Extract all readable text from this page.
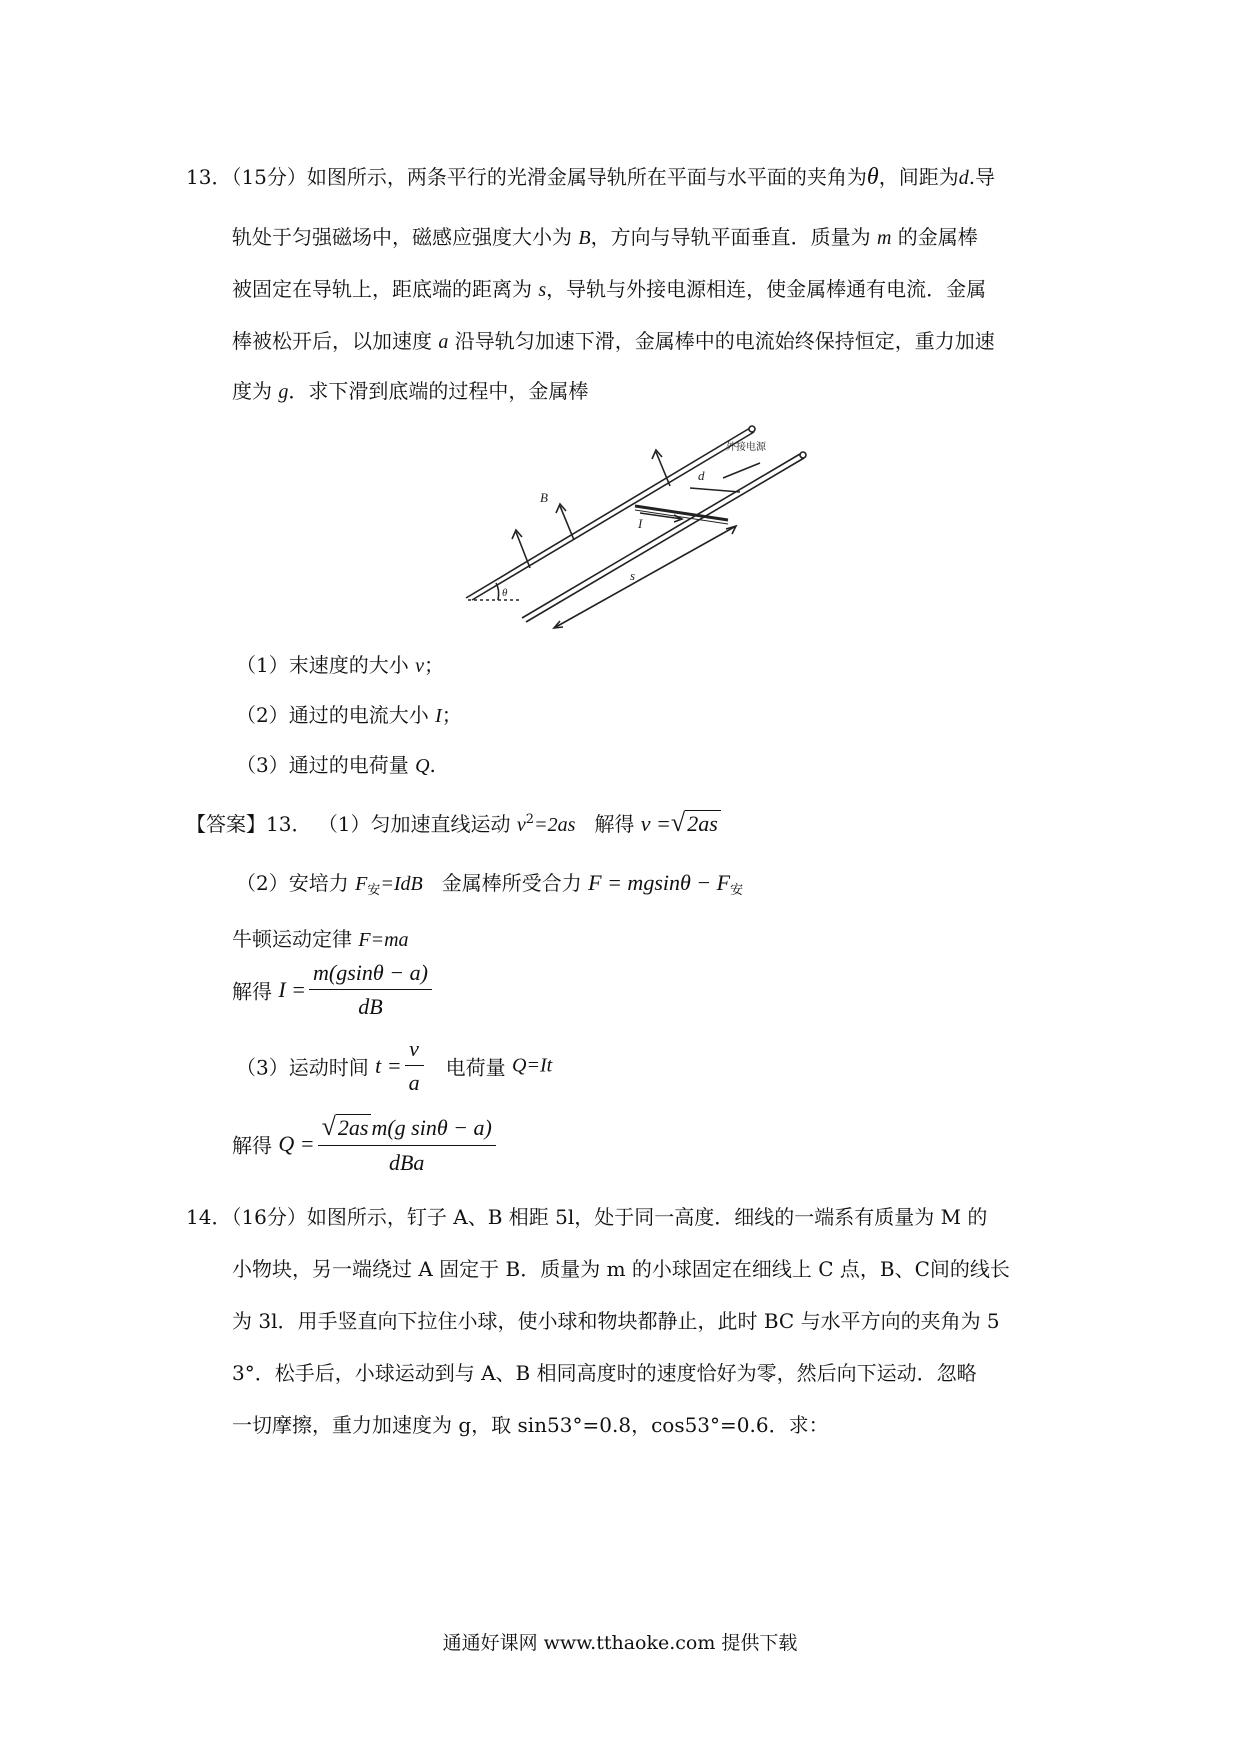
13．（15分）如图所示，两条平行的光滑金属导轨所在平面与水平面的夹角为θ，间距为d.导
轨处于匀强磁场中，磁感应强度大小为 B，方向与导轨平面垂直．质量为 m 的金属棒
被固定在导轨上，距底端的距离为 s，导轨与外接电源相连，使金属棒通有电流．金属
棒被松开后，以加速度 a 沿导轨匀加速下滑，金属棒中的电流始终保持恒定，重力加速
度为 g．求下滑到底端的过程中，金属棒
B
d
I
s
θ
外接电源
（1）末速度的大小 v；
（2）通过的电流大小 I；
（3）通过的电荷量 Q.
【答案】13． （1）匀加速直线运动 $v^2=2as$ 解得 v =√2as
（2）安培力 $F_安=IdB$ 金属棒所受合力 $F = mgsin\theta - F_安$
牛顿运动定律 F=ma
解得 $I = \frac{m(gsin\theta - a)}{dB}$
（3）运动时间 $t = \frac{v}{a}$ 电荷量 Q=It
解得 $Q = \frac{\text{√2as m(g sinθ − a)}}{\text{dBa}}$
14．（16分）如图所示，钉子 A、B 相距 5l，处于同一高度．细线的一端系有质量为 M 的
小物块，另一端绕过 A 固定于 B．质量为 m 的小球固定在细线上 C 点，B、C间的线长
为 3l．用手竖直向下拉住小球，使小球和物块都静止，此时 BC 与水平方向的夹角为 5
3°．松手后，小球运动到与 A、B 相同高度时的速度恰好为零，然后向下运动．忽略
一切摩擦，重力加速度为 g，取 sin53°=0.8，cos53°=0.6．求：
通通好课网 www.tthaoke.com 提供下载
